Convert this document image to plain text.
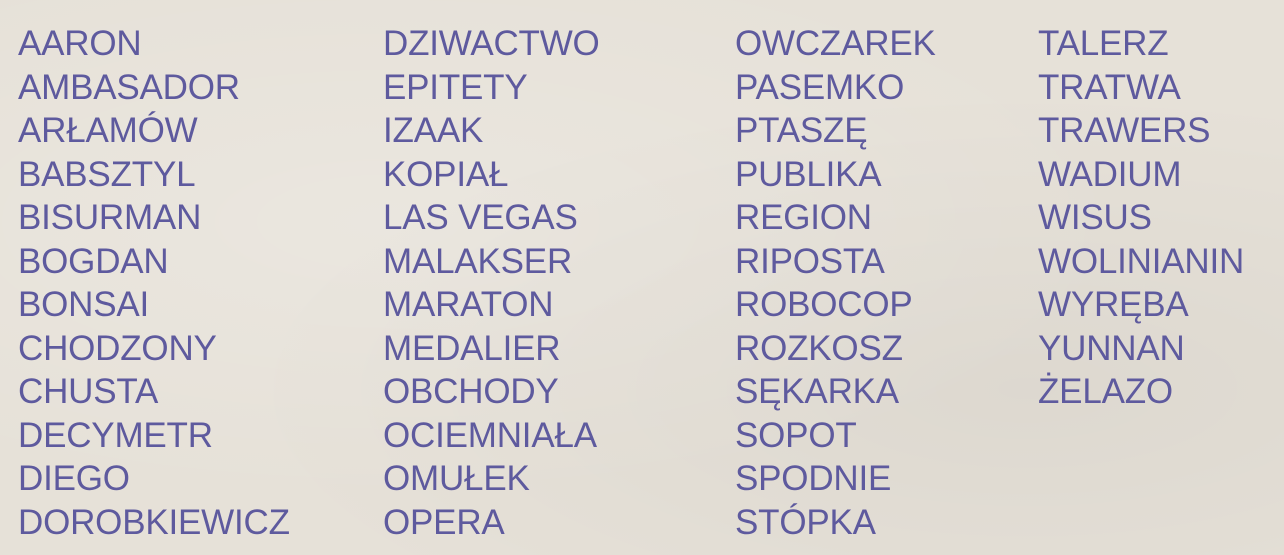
AARON
AMBASADOR
ARŁAMÓW
BABSZTYL
BISURMAN
BOGDAN
BONSAI
CHODZONY
CHUSTA
DECYMETR
DIEGO
DOROBKIEWICZ
DZIWACTWO
EPITETY
IZAAK
KOPIAŁ
LAS VEGAS
MALAKSER
MARATON
MEDALIER
OBCHODY
OCIEMNIAŁA
OMUŁEK
OPERA
OWCZAREK
PASEMKO
PTASZĘ
PUBLIKA
REGION
RIPOSTA
ROBOCOP
ROZKOSZ
SĘKARKA
SOPOT
SPODNIE
STÓPKA
TALERZ
TRATWA
TRAWERS
WADIUM
WISUS
WOLINIANIN
WYRĘBA
YUNNAN
ŻELAZO
